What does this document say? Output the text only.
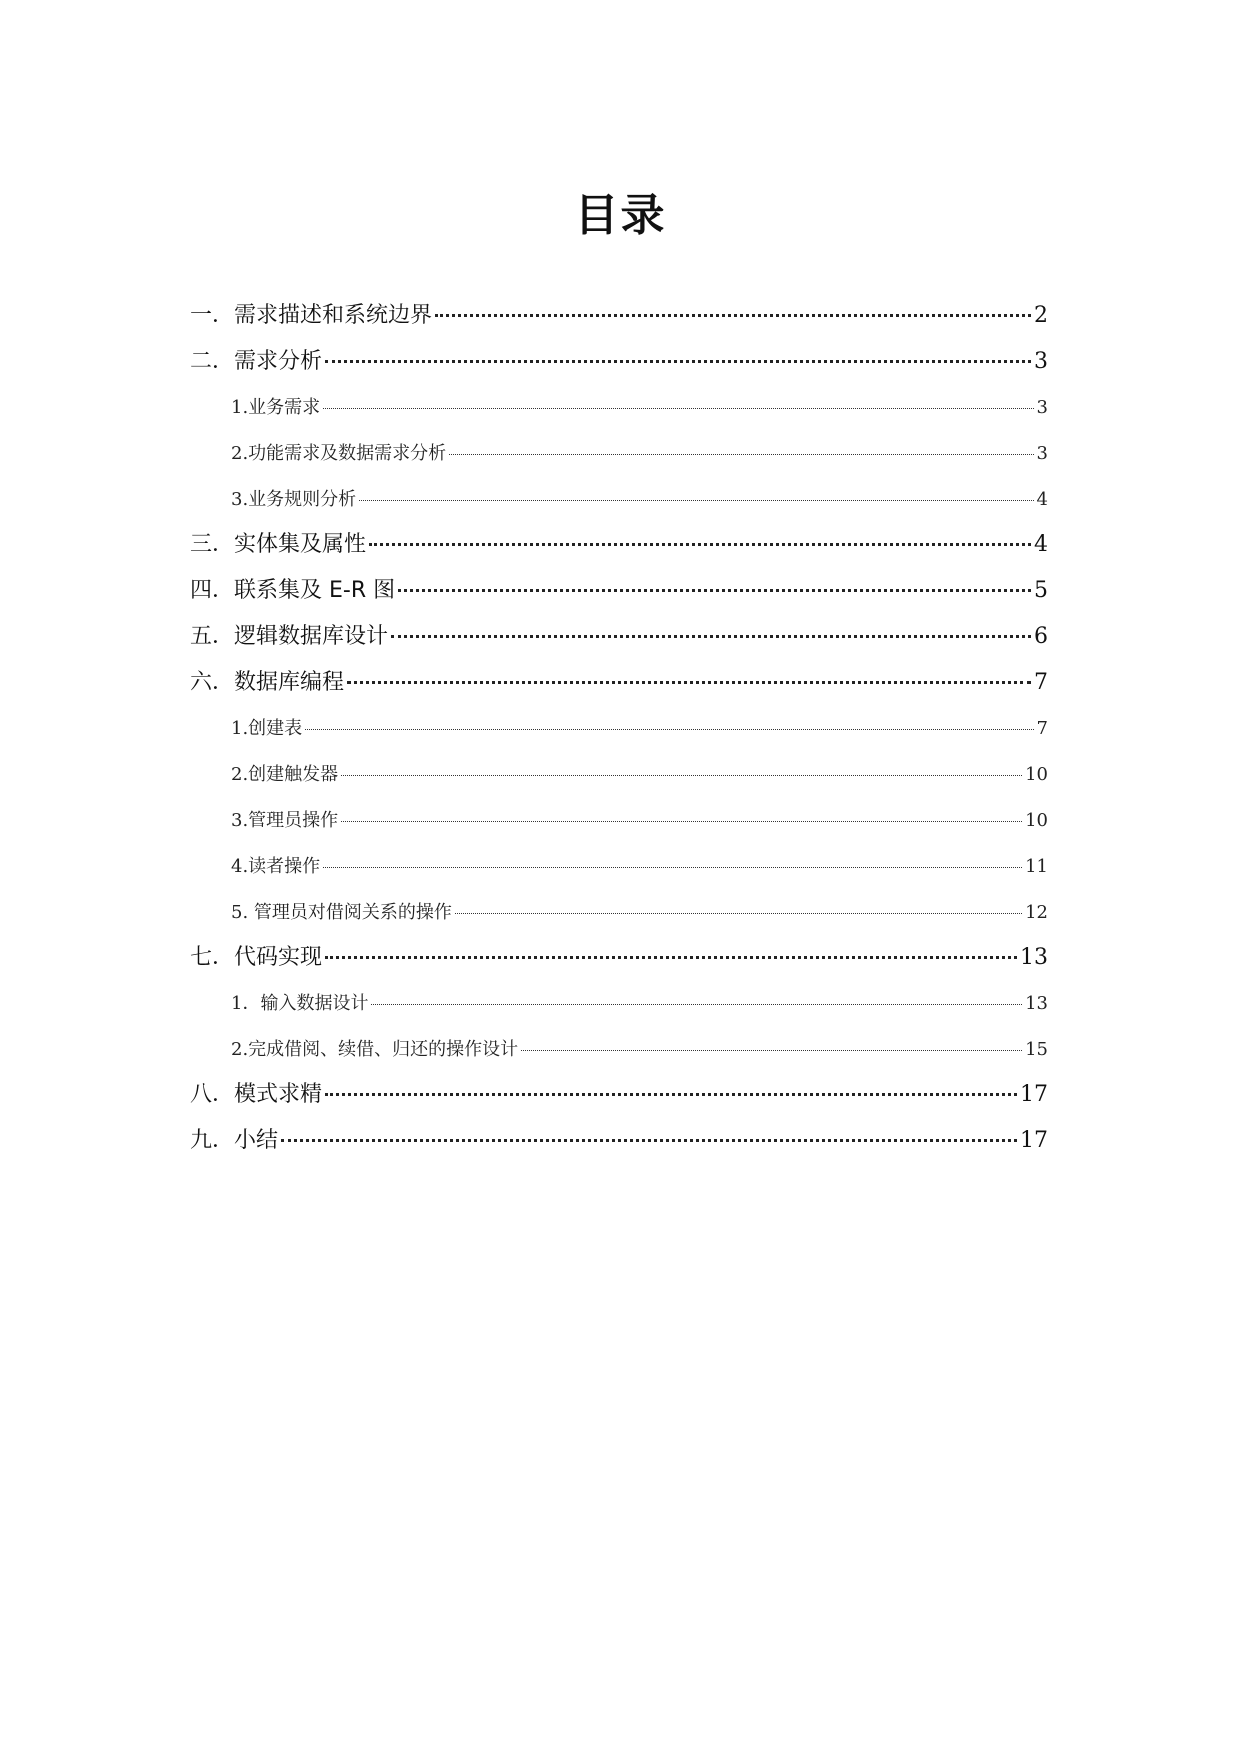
目录
一．需求描述和系统边界	2
二．需求分析	3
1.业务需求	3
2.功能需求及数据需求分析	3
3.业务规则分析	4
三．实体集及属性	4
四．联系集及 E-R 图	5
五．逻辑数据库设计	6
六．数据库编程	7
1.创建表	7
2.创建触发器	10
3.管理员操作	10
4.读者操作	11
5. 管理员对借阅关系的操作	12
七．代码实现	13
1．输入数据设计	13
2.完成借阅、续借、归还的操作设计	15
八．模式求精	17
九．小结	17
